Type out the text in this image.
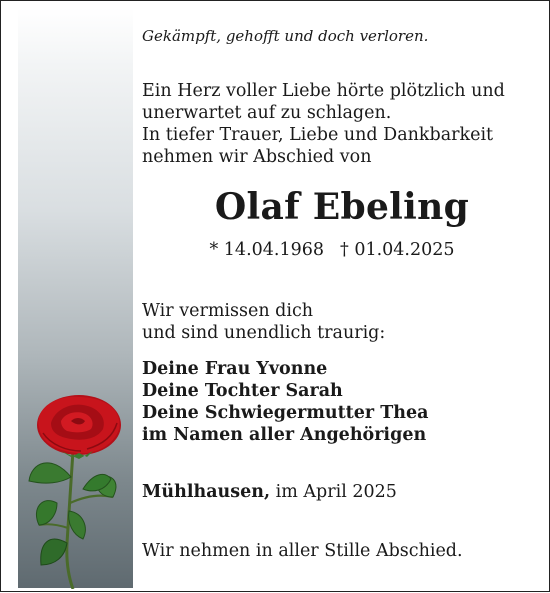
Gekämpft, gehofft und doch verloren.
Ein Herz voller Liebe hörte plötzlich und
unerwartet auf zu schlagen.
In tiefer Trauer, Liebe und Dankbarkeit
nehmen wir Abschied von
Olaf Ebeling
* 14.04.1968 † 01.04.2025
Wir vermissen dich
und sind unendlich traurig:
Deine Frau Yvonne
Deine Tochter Sarah
Deine Schwiegermutter Thea
im Namen aller Angehörigen
Mühlhausen, im April 2025
Wir nehmen in aller Stille Abschied.
